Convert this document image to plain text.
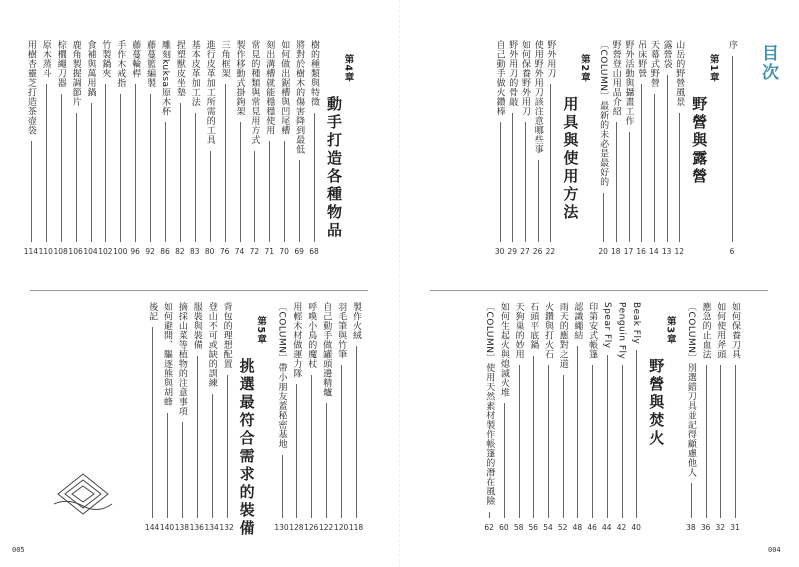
目次
005	004
序
6
第1章
野營與露營
山岳的野營風景
12
露營袋
13
天幕式野營
14
吊床野營
16
野外活動與攝畫工作
17
野營登山用品介紹
18
〔COLUMN〕最新的未必是最好的
20
第2章
用具與使用方法
野外用刀
22
使用野外用刀該注意哪些事
26
如何保養野外用刀
27
野外用刀的骨敲
29
自己動手做火鑽棒
30
第4章
動手打造各種物品
樹的種類與特徵
68
將對於樹木的傷害降到最低
69
如何做出鋸槽與凹尾槽
70
刻出溝槽就能穩穩使用
71
常見的種類與常見用方式
72
製作移動式掛鉤架
74
三角框架
76
進行皮革加工所需的工具
80
基本皮革加工法
83
捏塑獸皮坐墊
82
雕刻kuksa原木杯
86
藤蔓籃編製
92
藤蔓輪桿
96
手作木戒指
100
竹製鍋夾
102
食補與萬用鍋
104
鹿角製握調節片
106
棕櫚繩刀器
108
原木蒸斗
110
用樹杏靈芝打造茶壺袋
114
如何保養刀具
31
如何使用斧頭
32
應急的止血法
36
〔COLUMN〕別選錯刀具並記得顧慮他人
38
第3章
野營與焚火
Beak Fly
40
Penguin Fly
42
Spear Fly
44
印第安式帳篷
46
認識繩結
48
雨天的應對之道
52
火鑽與打火石
54
石頭平底鍋
56
天狗巢的妙用
58
如何生起火與熄滅火堆
60
〔COLUMN〕使用天然素材製作帳篷的潛在風險
62
製作火絨
118
羽毛筆與竹筆
120
自己動手做罐頭邊精爐
122
呼喚小鳥的魔杖
126
用輕木材做運力隊
128
〔COLUMN〕帶小朋友蓋秘密基地
130
第5章
挑選最符合需求的裝備
背包的理想配置
132
登山不可或缺的訓練
134
服裝與裝備
136
摘採山菜等植物的注意事項
138
如何避開、驅逐熊與胡蜂
140
後記
144
